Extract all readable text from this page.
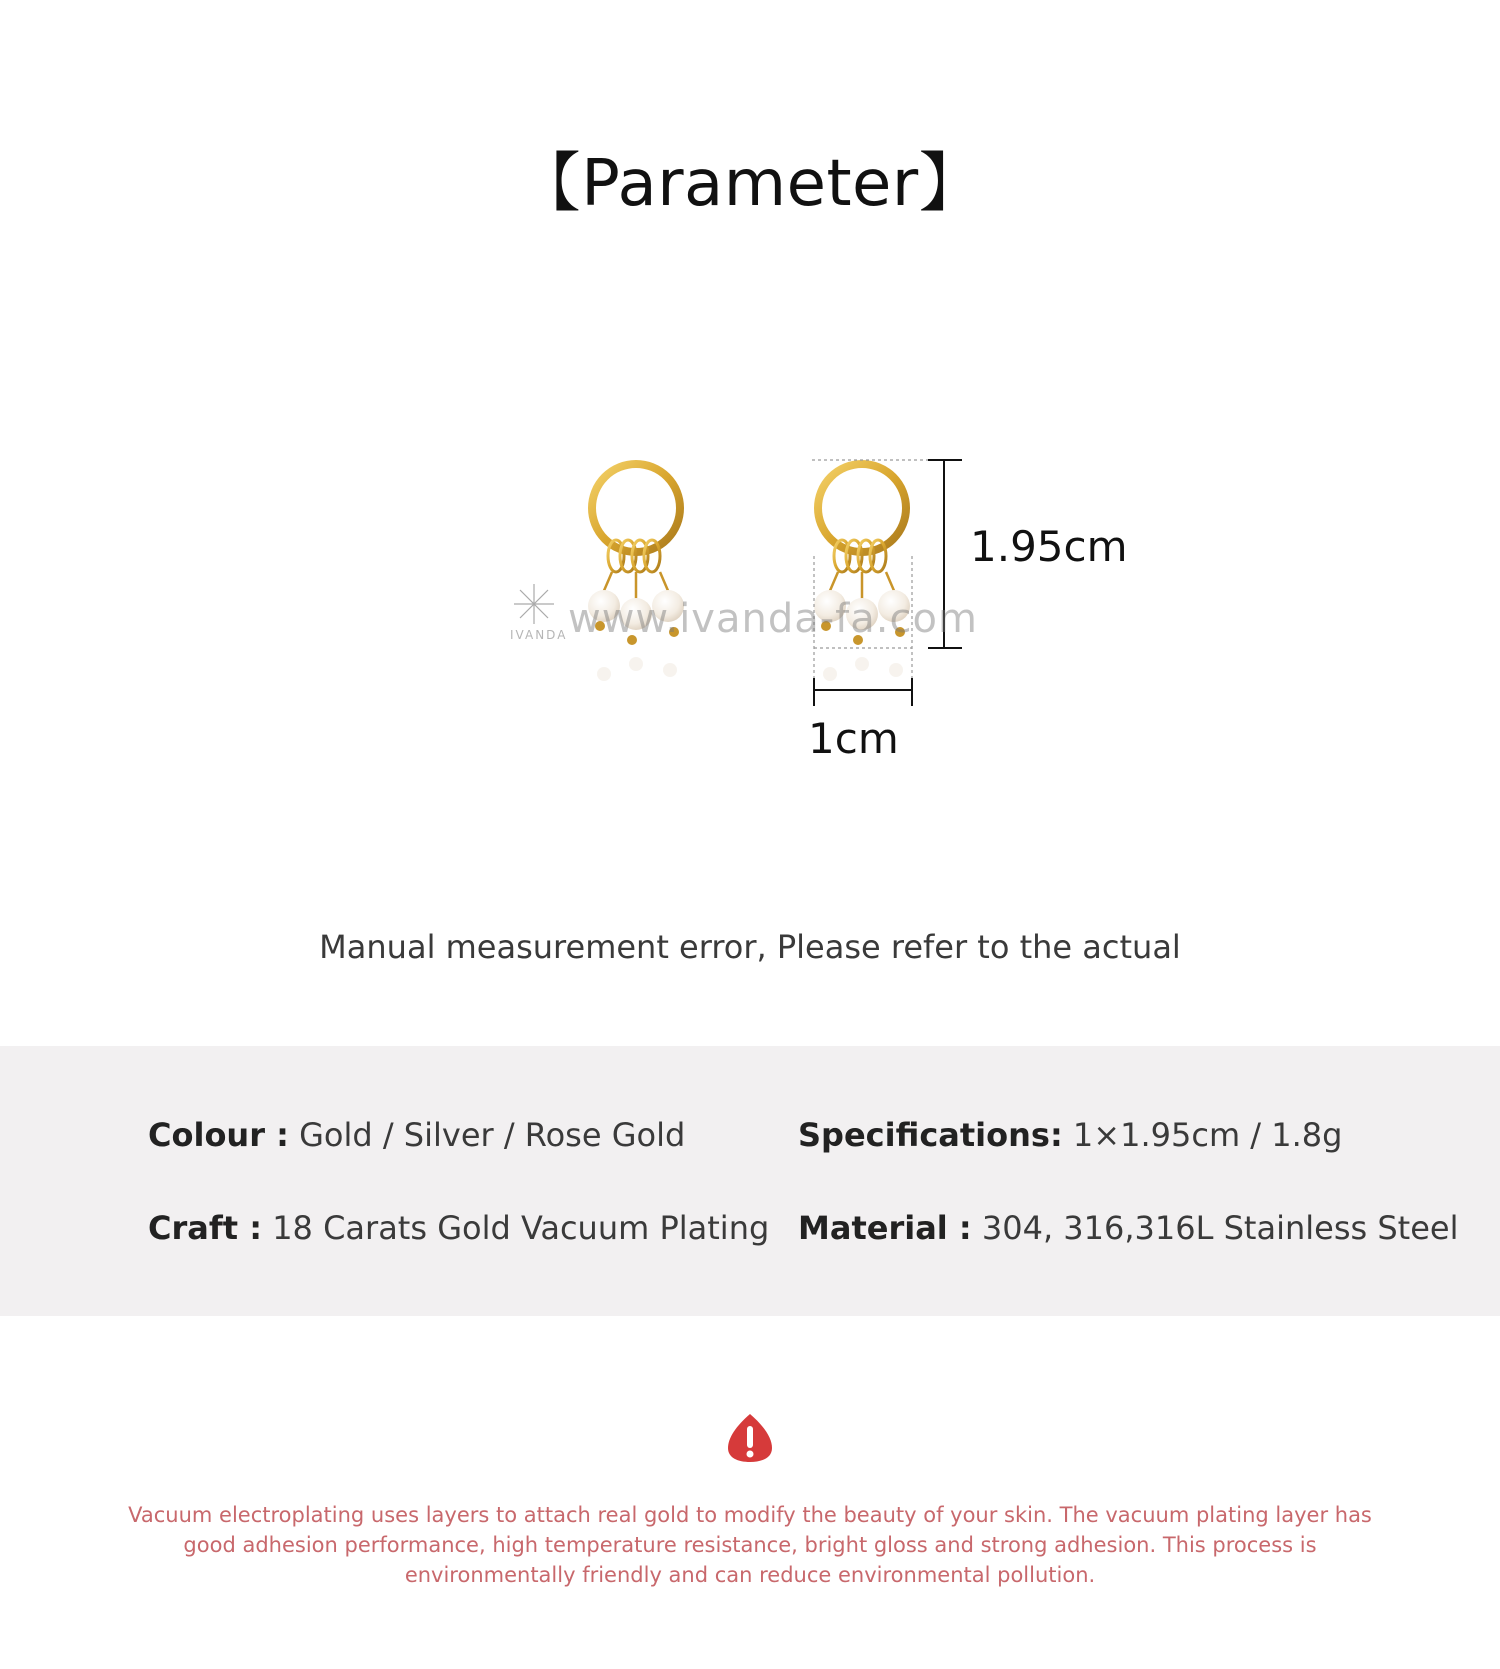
【Parameter】
www.ivanda-fa.com
IVANDA
1.95cm
1cm
Manual measurement error, Please refer to the actual
Colour : Gold / Silver / Rose Gold
Craft : 18 Carats Gold Vacuum Plating
Specifications: 1×1.95cm / 1.8g
Material : 304, 316,316L Stainless Steel
Vacuum electroplating uses layers to attach real gold to modify the beauty of your skin. The vacuum plating layer has good adhesion performance, high temperature resistance, bright gloss and strong adhesion. This process is environmentally friendly and can reduce environmental pollution.
